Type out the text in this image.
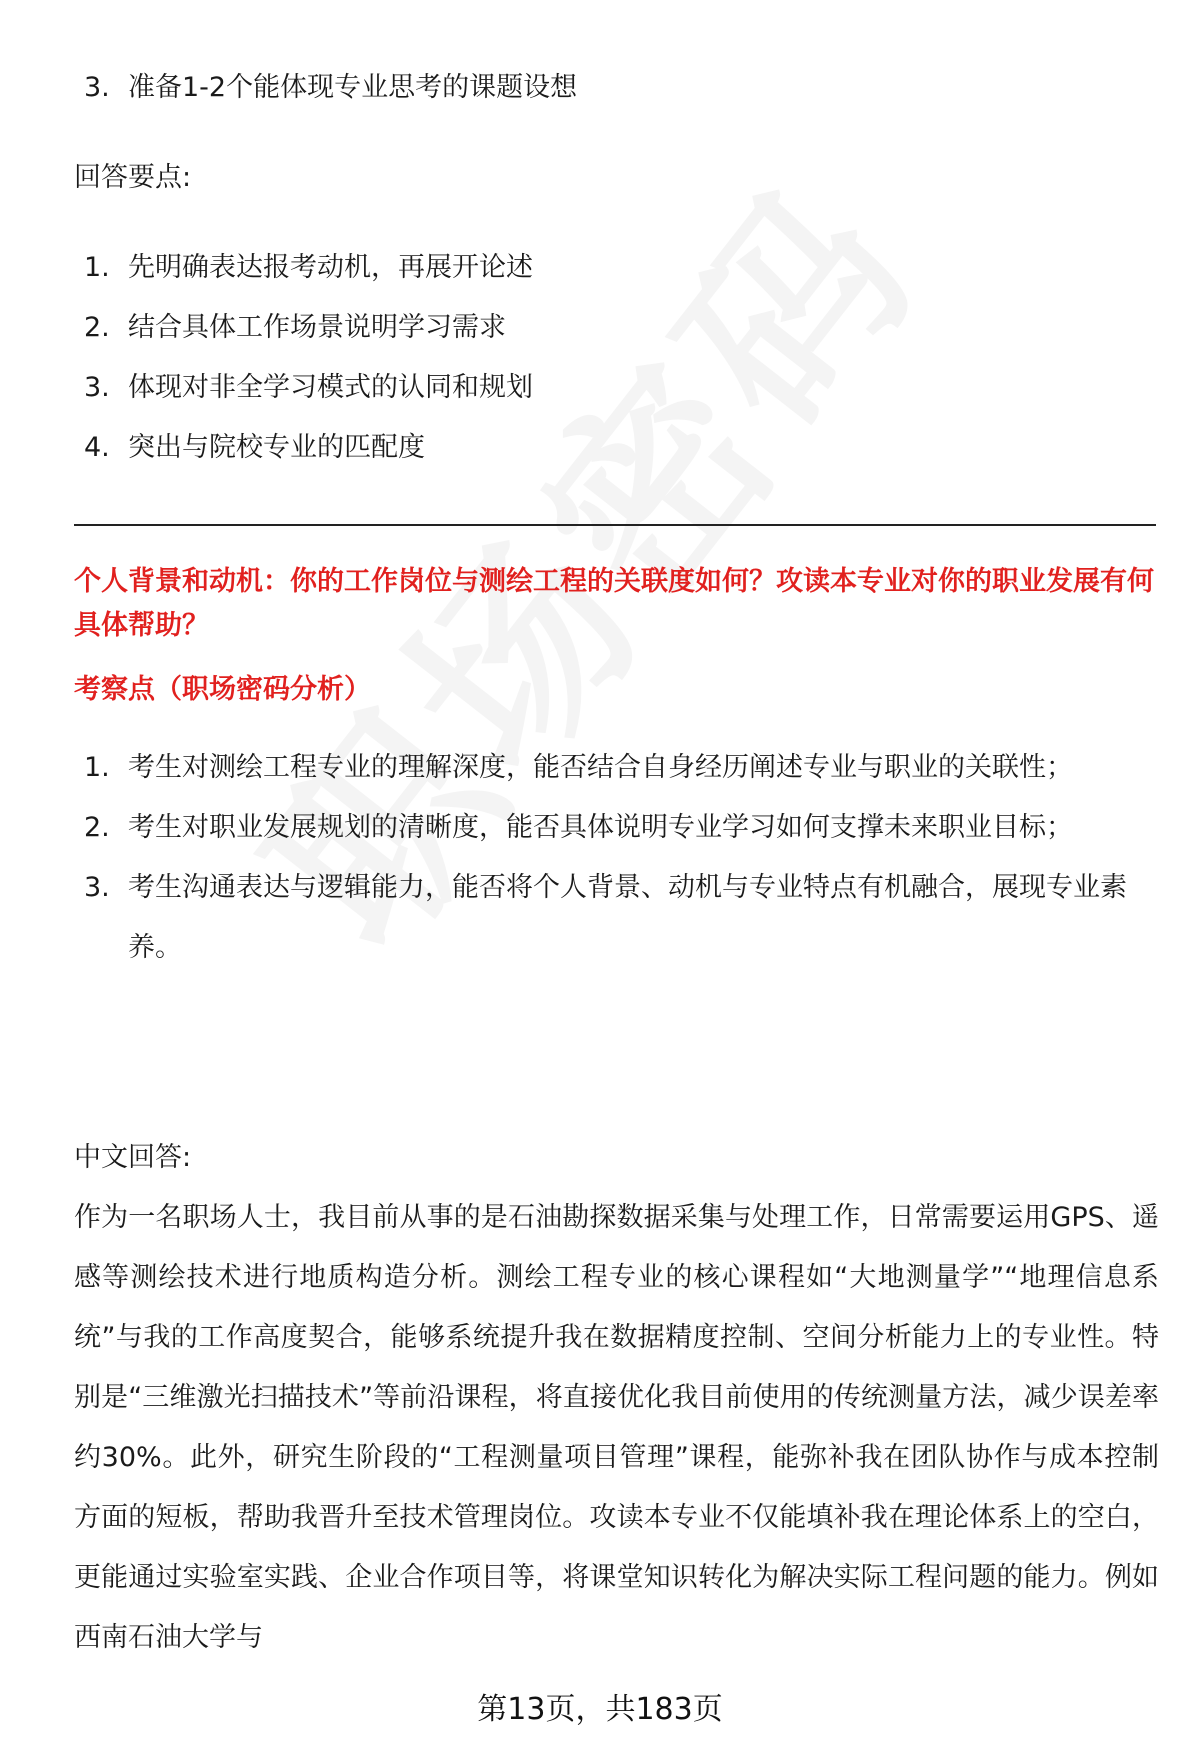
3. 准备1-2个能体现专业思考的课题设想
回答要点:
1. 先明确表达报考动机，再展开论述
2. 结合具体工作场景说明学习需求
3. 体现对非全学习模式的认同和规划
4. 突出与院校专业的匹配度
个人背景和动机：你的工作岗位与测绘工程的关联度如何？攻读本专业对你的职业发展有何具体帮助？
考察点（职场密码分析）
1. 考生对测绘工程专业的理解深度，能否结合自身经历阐述专业与职业的关联性；
2. 考生对职业发展规划的清晰度，能否具体说明专业学习如何支撑未来职业目标；
3. 考生沟通表达与逻辑能力，能否将个人背景、动机与专业特点有机融合，展现专业素养。
中文回答:
作为一名职场人士，我目前从事的是石油勘探数据采集与处理工作，日常需要运用GPS、遥感等测绘技术进行地质构造分析。测绘工程专业的核心课程如“大地测量学”“地理信息系统”与我的工作高度契合，能够系统提升我在数据精度控制、空间分析能力上的专业性。特别是“三维激光扫描技术”等前沿课程，将直接优化我目前使用的传统测量方法，减少误差率约30%。此外，研究生阶段的“工程测量项目管理”课程，能弥补我在团队协作与成本控制方面的短板，帮助我晋升至技术管理岗位。攻读本专业不仅能填补我在理论体系上的空白，更能通过实验室实践、企业合作项目等，将课堂知识转化为解决实际工程问题的能力。例如西南石油大学与
第13页，共183页
